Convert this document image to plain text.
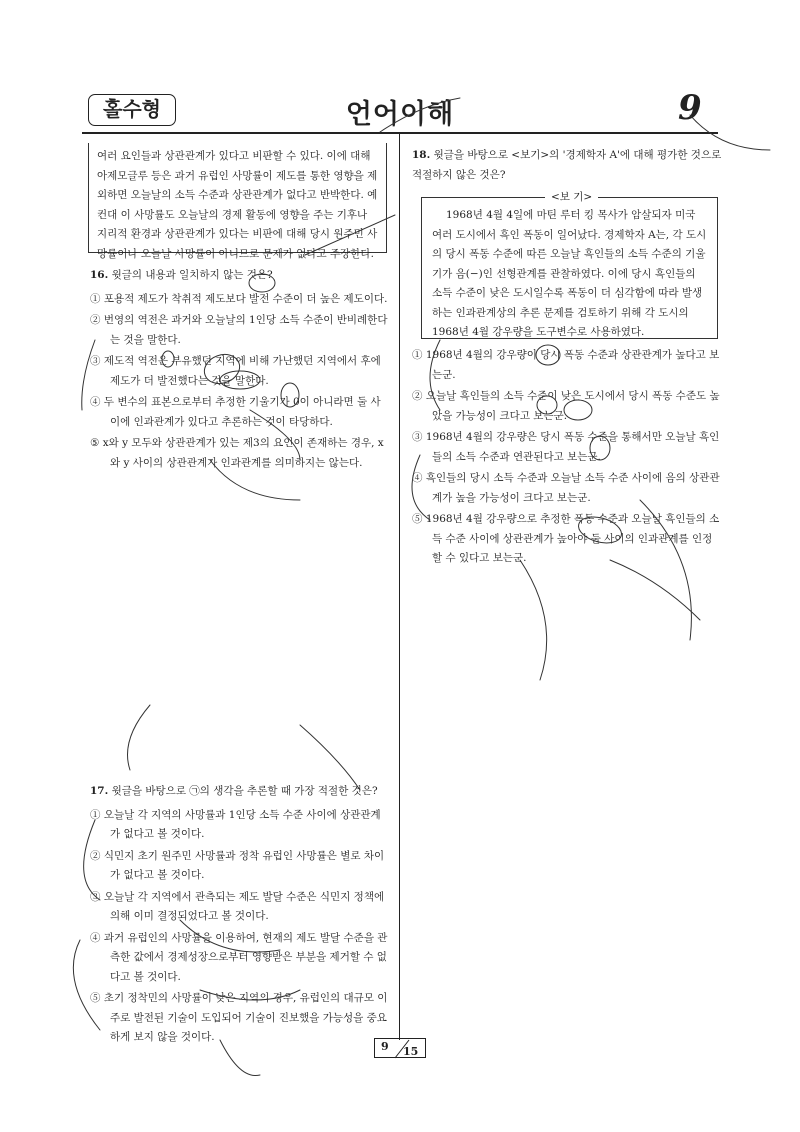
홀수형	언어이해	9
여러 요인들과 상관관계가 있다고 비판할 수 있다. 이에 대해 아제모글루 등은 과거 유럽인 사망률이 제도를 통한 영향을 제외하면 오늘날의 소득 수준과 상관관계가 없다고 반박한다. 예컨대 이 사망률도 오늘날의 경제 활동에 영향을 주는 기후나 지리적 환경과 상관관계가 있다는 비판에 대해 당시 원주민 사망률이나 오늘날 사망률이 아니므로 문제가 없다고 주장한다.
16. 윗글의 내용과 일치하지 않는 것은?
① 포용적 제도가 착취적 제도보다 발전 수준이 더 높은 제도이다.
② 번영의 역전은 과거와 오늘날의 1인당 소득 수준이 반비례한다는 것을 말한다.
③ 제도적 역전은 부유했던 지역에 비해 가난했던 지역에서 후에 제도가 더 발전했다는 것을 말한다.
④ 두 변수의 표본으로부터 추정한 기울기가 0이 아니라면 둘 사이에 인과관계가 있다고 추론하는 것이 타당하다.
⑤ x와 y 모두와 상관관계가 있는 제3의 요인이 존재하는 경우, x와 y 사이의 상관관계가 인과관계를 의미하지는 않는다.
17. 윗글을 바탕으로 ㉠의 생각을 추론할 때 가장 적절한 것은?
① 오늘날 각 지역의 사망률과 1인당 소득 수준 사이에 상관관계가 없다고 볼 것이다.
② 식민지 초기 원주민 사망률과 정착 유럽인 사망률은 별로 차이가 없다고 볼 것이다.
③ 오늘날 각 지역에서 관측되는 제도 발달 수준은 식민지 정책에 의해 이미 결정되었다고 볼 것이다.
④ 과거 유럽인의 사망률을 이용하여, 현재의 제도 발달 수준을 관측한 값에서 경제성장으로부터 영향받은 부분을 제거할 수 없다고 볼 것이다.
⑤ 초기 정착민의 사망률이 낮은 지역의 경우, 유럽인의 대규모 이주로 발전된 기술이 도입되어 기술이 진보했을 가능성을 중요하게 보지 않을 것이다.
18. 윗글을 바탕으로 <보기>의 '경제학자 A'에 대해 평가한 것으로 적절하지 않은 것은?
1968년 4월 4일에 마틴 루터 킹 목사가 암살되자 미국 여러 도시에서 흑인 폭동이 일어났다. 경제학자 A는, 각 도시의 당시 폭동 수준에 따른 오늘날 흑인들의 소득 수준의 기울기가 음(−)인 선형관계를 관찰하였다. 이에 당시 흑인들의 소득 수준이 낮은 도시일수록 폭동이 더 심각함에 따라 발생하는 인과관계상의 추론 문제를 검토하기 위해 각 도시의 1968년 4월 강우량을 도구변수로 사용하였다.
<보 기>
① 1968년 4월의 강우량이 당시 폭동 수준과 상관관계가 높다고 보는군.
② 오늘날 흑인들의 소득 수준이 낮은 도시에서 당시 폭동 수준도 높았을 가능성이 크다고 보는군.
③ 1968년 4월의 강우량은 당시 폭동 수준을 통해서만 오늘날 흑인들의 소득 수준과 연관된다고 보는군.
④ 흑인들의 당시 소득 수준과 오늘날 소득 수준 사이에 음의 상관관계가 높을 가능성이 크다고 보는군.
⑤ 1968년 4월 강우량으로 추정한 폭동 수준과 오늘날 흑인들의 소득 수준 사이에 상관관계가 높아야 둘 사이의 인과관계를 인정할 수 있다고 보는군.
9 15
